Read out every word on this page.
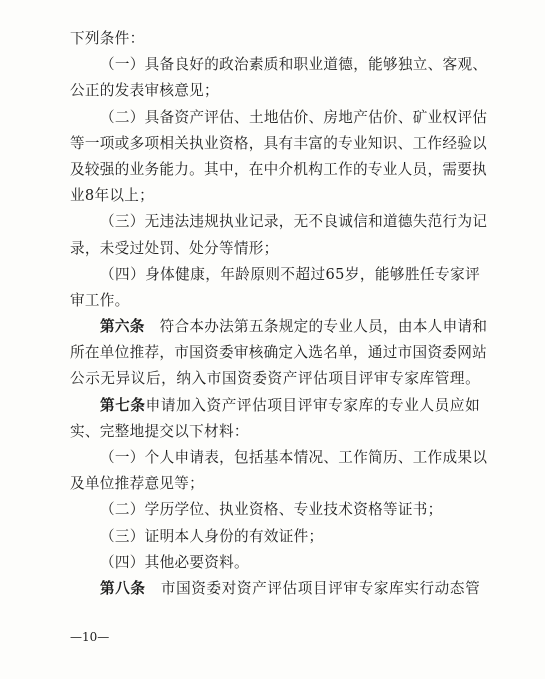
下列条件：
（一）具备良好的政治素质和职业道德，能够独立、客观、
公正的发表审核意见；
（二）具备资产评估、土地估价、房地产估价、矿业权评估
等一项或多项相关执业资格，具有丰富的专业知识、工作经验以
及较强的业务能力。其中，在中介机构工作的专业人员，需要执
业8年以上；
（三）无违法违规执业记录，无不良诚信和道德失范行为记
录，未受过处罚、处分等情形；
（四）身体健康，年龄原则不超过65岁，能够胜任专家评
审工作。
第六条　符合本办法第五条规定的专业人员，由本人申请和
所在单位推荐，市国资委审核确定入选名单，通过市国资委网站
公示无异议后，纳入市国资委资产评估项目评审专家库管理。
第七条申请加入资产评估项目评审专家库的专业人员应如
实、完整地提交以下材料：
（一）个人申请表，包括基本情况、工作简历、工作成果以
及单位推荐意见等；
（二）学历学位、执业资格、专业技术资格等证书；
（三）证明本人身份的有效证件；
（四）其他必要资料。
第八条　市国资委对资产评估项目评审专家库实行动态管
—10—
